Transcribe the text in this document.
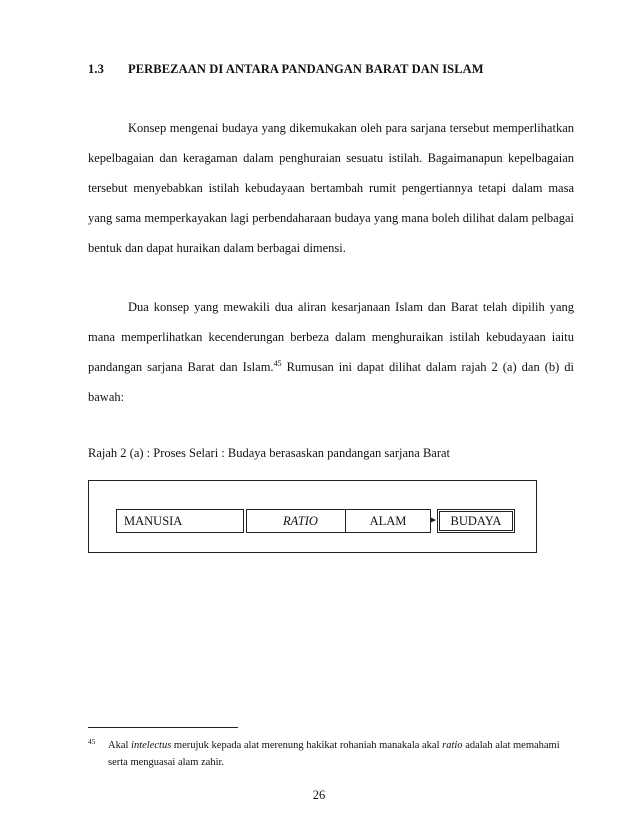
1.3 PERBEZAAN DI ANTARA PANDANGAN BARAT DAN ISLAM

Konsep mengenai budaya yang dikemukakan oleh para sarjana tersebut memperlihatkan kepelbagaian dan keragaman dalam penghuraian sesuatu istilah. Bagaimanapun kepelbagaian tersebut menyebabkan istilah kebudayaan bertambah rumit pengertiannya tetapi dalam masa yang sama memperkayakan lagi perbendaharaan budaya yang mana boleh dilihat dalam pelbagai bentuk dan dapat huraikan dalam berbagai dimensi.

Dua konsep yang mewakili dua aliran kesarjanaan Islam dan Barat telah dipilih yang mana memperlihatkan kecenderungan berbeza dalam menghuraikan istilah kebudayaan iaitu pandangan sarjana Barat dan Islam.$^{45}$ Rumusan ini dapat dilihat dalam rajah 2 (a) dan (b) di bawah:

Rajah 2 (a) : Proses Selari : Budaya berasaskan pandangan sarjana Barat
MANUSIA	RATIO	ALAM	BUDAYA
45	Akal intelectus merujuk kepada alat merenung hakikat rohaniah manakala akal ratio adalah alat memahami serta menguasai alam zahir.
26
